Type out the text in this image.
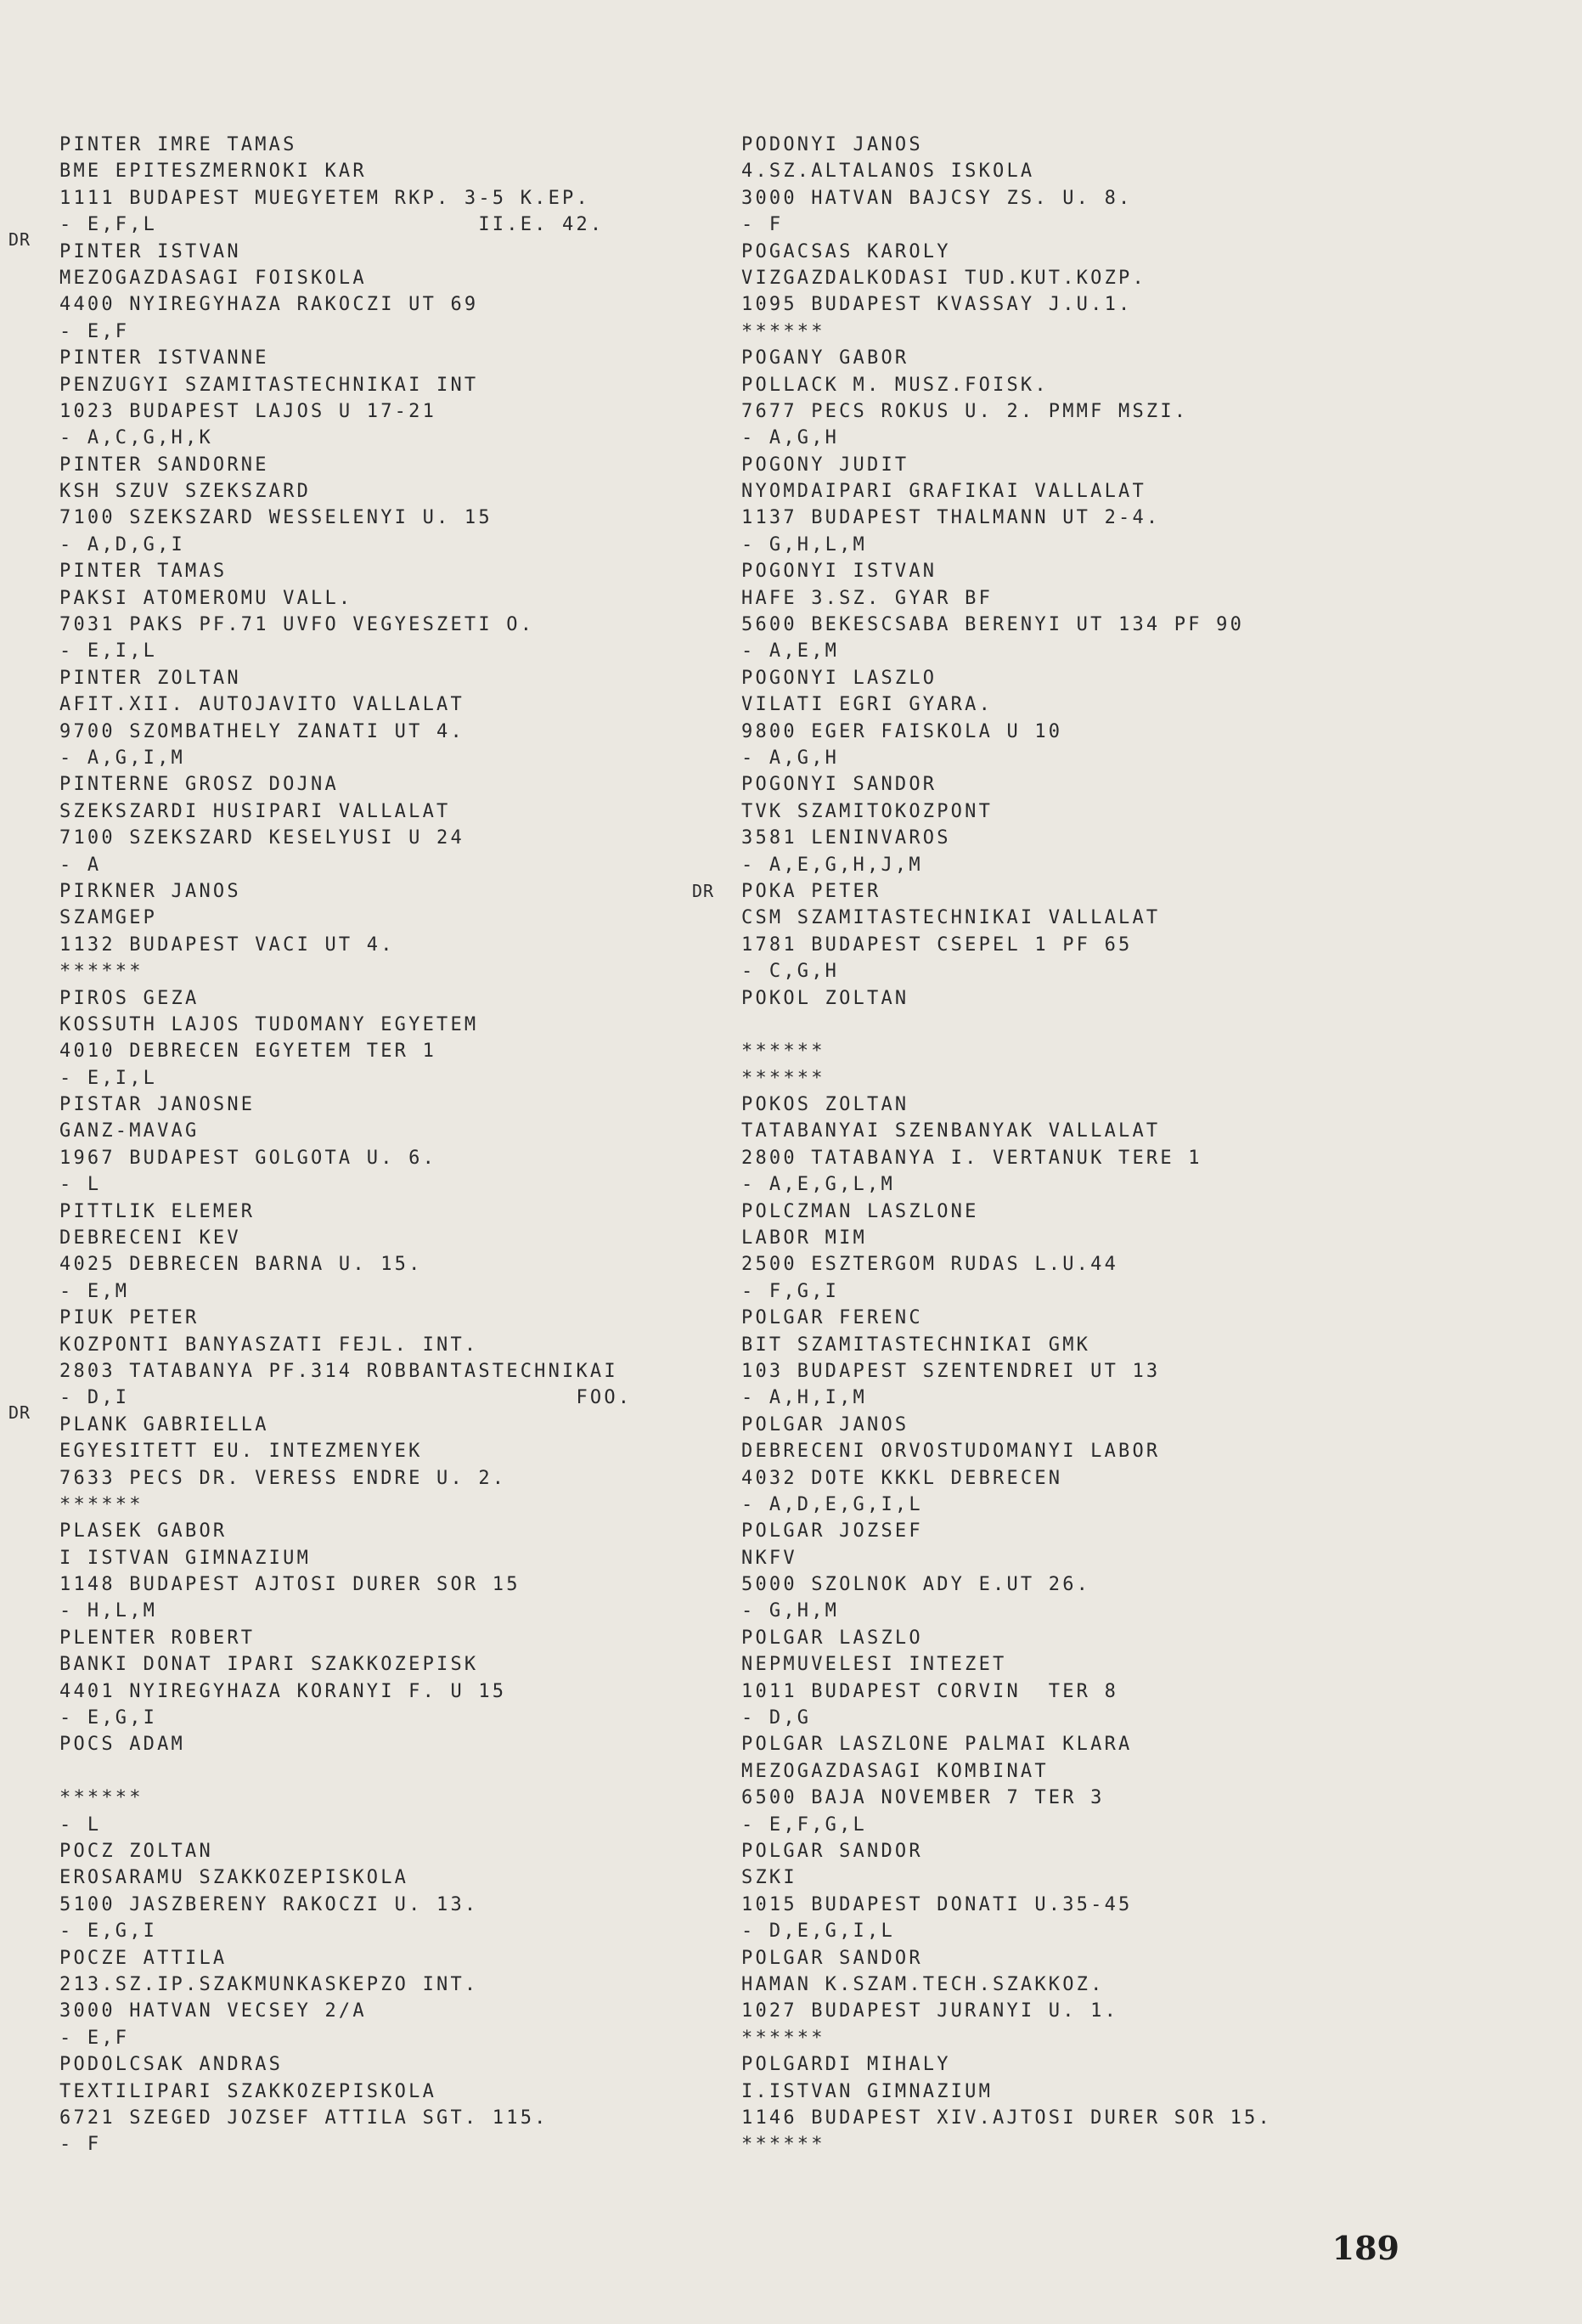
PINTER IMRE TAMAS
BME EPITESZMERNOKI KAR
1111 BUDAPEST MUEGYETEM RKP. 3-5 K.EP.
- E,F,L                       II.E. 42.
DR
PINTER ISTVAN
MEZOGAZDASAGI FOISKOLA
4400 NYIREGYHAZA RAKOCZI UT 69
- E,F
PINTER ISTVANNE
PENZUGYI SZAMITASTECHNIKAI INT
1023 BUDAPEST LAJOS U 17-21
- A,C,G,H,K
PINTER SANDORNE
KSH SZUV SZEKSZARD
7100 SZEKSZARD WESSELENYI U. 15
- A,D,G,I
PINTER TAMAS
PAKSI ATOMEROMU VALL.
7031 PAKS PF.71 UVFO VEGYESZETI O.
- E,I,L
PINTER ZOLTAN
AFIT.XII. AUTOJAVITO VALLALAT
9700 SZOMBATHELY ZANATI UT 4.
- A,G,I,M
PINTERNE GROSZ DOJNA
SZEKSZARDI HUSIPARI VALLALAT
7100 SZEKSZARD KESELYUSI U 24
- A
PIRKNER JANOS
SZAMGEP
1132 BUDAPEST VACI UT 4.
******
PIROS GEZA
KOSSUTH LAJOS TUDOMANY EGYETEM
4010 DEBRECEN EGYETEM TER 1
- E,I,L
PISTAR JANOSNE
GANZ-MAVAG
1967 BUDAPEST GOLGOTA U. 6.
- L
PITTLIK ELEMER
DEBRECENI KEV
4025 DEBRECEN BARNA U. 15.
- E,M
PIUK PETER
KOZPONTI BANYASZATI FEJL. INT.
2803 TATABANYA PF.314 ROBBANTASTECHNIKAI
- D,I                                FOO.
DR
PLANK GABRIELLA
EGYESITETT EU. INTEZMENYEK
7633 PECS DR. VERESS ENDRE U. 2.
******
PLASEK GABOR
I ISTVAN GIMNAZIUM
1148 BUDAPEST AJTOSI DURER SOR 15
- H,L,M
PLENTER ROBERT
BANKI DONAT IPARI SZAKKOZEPISK
4401 NYIREGYHAZA KORANYI F. U 15
- E,G,I
POCS ADAM
******
- L
POCZ ZOLTAN
EROSARAMU SZAKKOZEPISKOLA
5100 JASZBERENY RAKOCZI U. 13.
- E,G,I
POCZE ATTILA
213.SZ.IP.SZAKMUNKASKEPZO INT.
3000 HATVAN VECSEY 2/A
- E,F
PODOLCSAK ANDRAS
TEXTILIPARI SZAKKOZEPISKOLA
6721 SZEGED JOZSEF ATTILA SGT. 115.
- F
PODONYI JANOS
4.SZ.ALTALANOS ISKOLA
3000 HATVAN BAJCSY ZS. U. 8.
- F
POGACSAS KAROLY
VIZGAZDALKODASI TUD.KUT.KOZP.
1095 BUDAPEST KVASSAY J.U.1.
******
POGANY GABOR
POLLACK M. MUSZ.FOISK.
7677 PECS ROKUS U. 2. PMMF MSZI.
- A,G,H
POGONY JUDIT
NYOMDAIPARI GRAFIKAI VALLALAT
1137 BUDAPEST THALMANN UT 2-4.
- G,H,L,M
POGONYI ISTVAN
HAFE 3.SZ. GYAR BF
5600 BEKESCSABA BERENYI UT 134 PF 90
- A,E,M
POGONYI LASZLO
VILATI EGRI GYARA.
9800 EGER FAISKOLA U 10
- A,G,H
POGONYI SANDOR
TVK SZAMITOKOZPONT
3581 LENINVAROS
- A,E,G,H,J,M
DR POKA PETER
CSM SZAMITASTECHNIKAI VALLALAT
1781 BUDAPEST CSEPEL 1 PF 65
- C,G,H
POKOL ZOLTAN
******
******
POKOS ZOLTAN
TATABANYAI SZENBANYAK VALLALAT
2800 TATABANYA I. VERTANUK TERE 1
- A,E,G,L,M
POLCZMAN LASZLONE
LABOR MIM
2500 ESZTERGOM RUDAS L.U.44
- F,G,I
POLGAR FERENC
BIT SZAMITASTECHNIKAI GMK
103 BUDAPEST SZENTENDREI UT 13
- A,H,I,M
POLGAR JANOS
DEBRECENI ORVOSTUDOMANYI LABOR
4032 DOTE KKKL DEBRECEN
- A,D,E,G,I,L
POLGAR JOZSEF
NKFV
5000 SZOLNOK ADY E.UT 26.
- G,H,M
POLGAR LASZLO
NEPMUVELESI INTEZET
1011 BUDAPEST CORVIN  TER 8
- D,G
POLGAR LASZLONE PALMAI KLARA
MEZOGAZDASAGI KOMBINAT
6500 BAJA NOVEMBER 7 TER 3
- E,F,G,L
POLGAR SANDOR
SZKI
1015 BUDAPEST DONATI U.35-45
- D,E,G,I,L
POLGAR SANDOR
HAMAN K.SZAM.TECH.SZAKKOZ.
1027 BUDAPEST JURANYI U. 1.
******
POLGARDI MIHALY
I.ISTVAN GIMNAZIUM
1146 BUDAPEST XIV.AJTOSI DURER SOR 15.
******
189
